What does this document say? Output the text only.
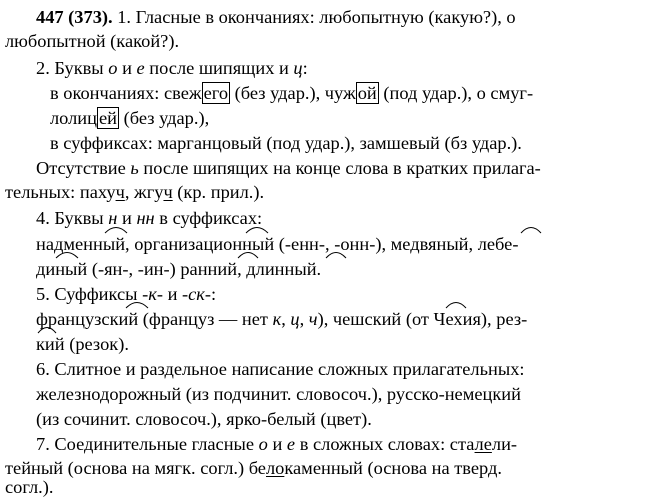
447 (373). 1. Гласные в окончаниях: любопытную (какую?), о
любопытной (какой?).
2. Буквы о и е после шипящих и ц:
в окончаниях: свеж его (без удар.), чуж ой (под удар.), о смуг-
лолиц ей (без удар.),
в суффиксах: марганцовый (под удар.), замшевый (бз удар.).
Отсутствие ь после шипящих на конце слова в кратких прилага-
тельных: пахуч, жгуч (кр. прил.).
4. Буквы н и нн в суффиксах:
надменный, организационный (-енн-, -онн-), медвяный, лебе-
диный (-ян-, -ин-) ранний, длинный.
5. Суффиксы -к- и -ск-:
французский (француз — нет к, ц, ч), чешский (от Чехия), рез-
кий (резок).
6. Слитное и раздельное написание сложных прилагательных:
железнодорожный (из подчинит. словосоч.), русско-немецкий
(из сочинит. словосоч.), ярко-белый (цвет).
7. Соединительные гласные о и е в сложных словах: сталели-
тейный (основа на мягк. согл.) белокаменный (основа на тверд.
согл.).
